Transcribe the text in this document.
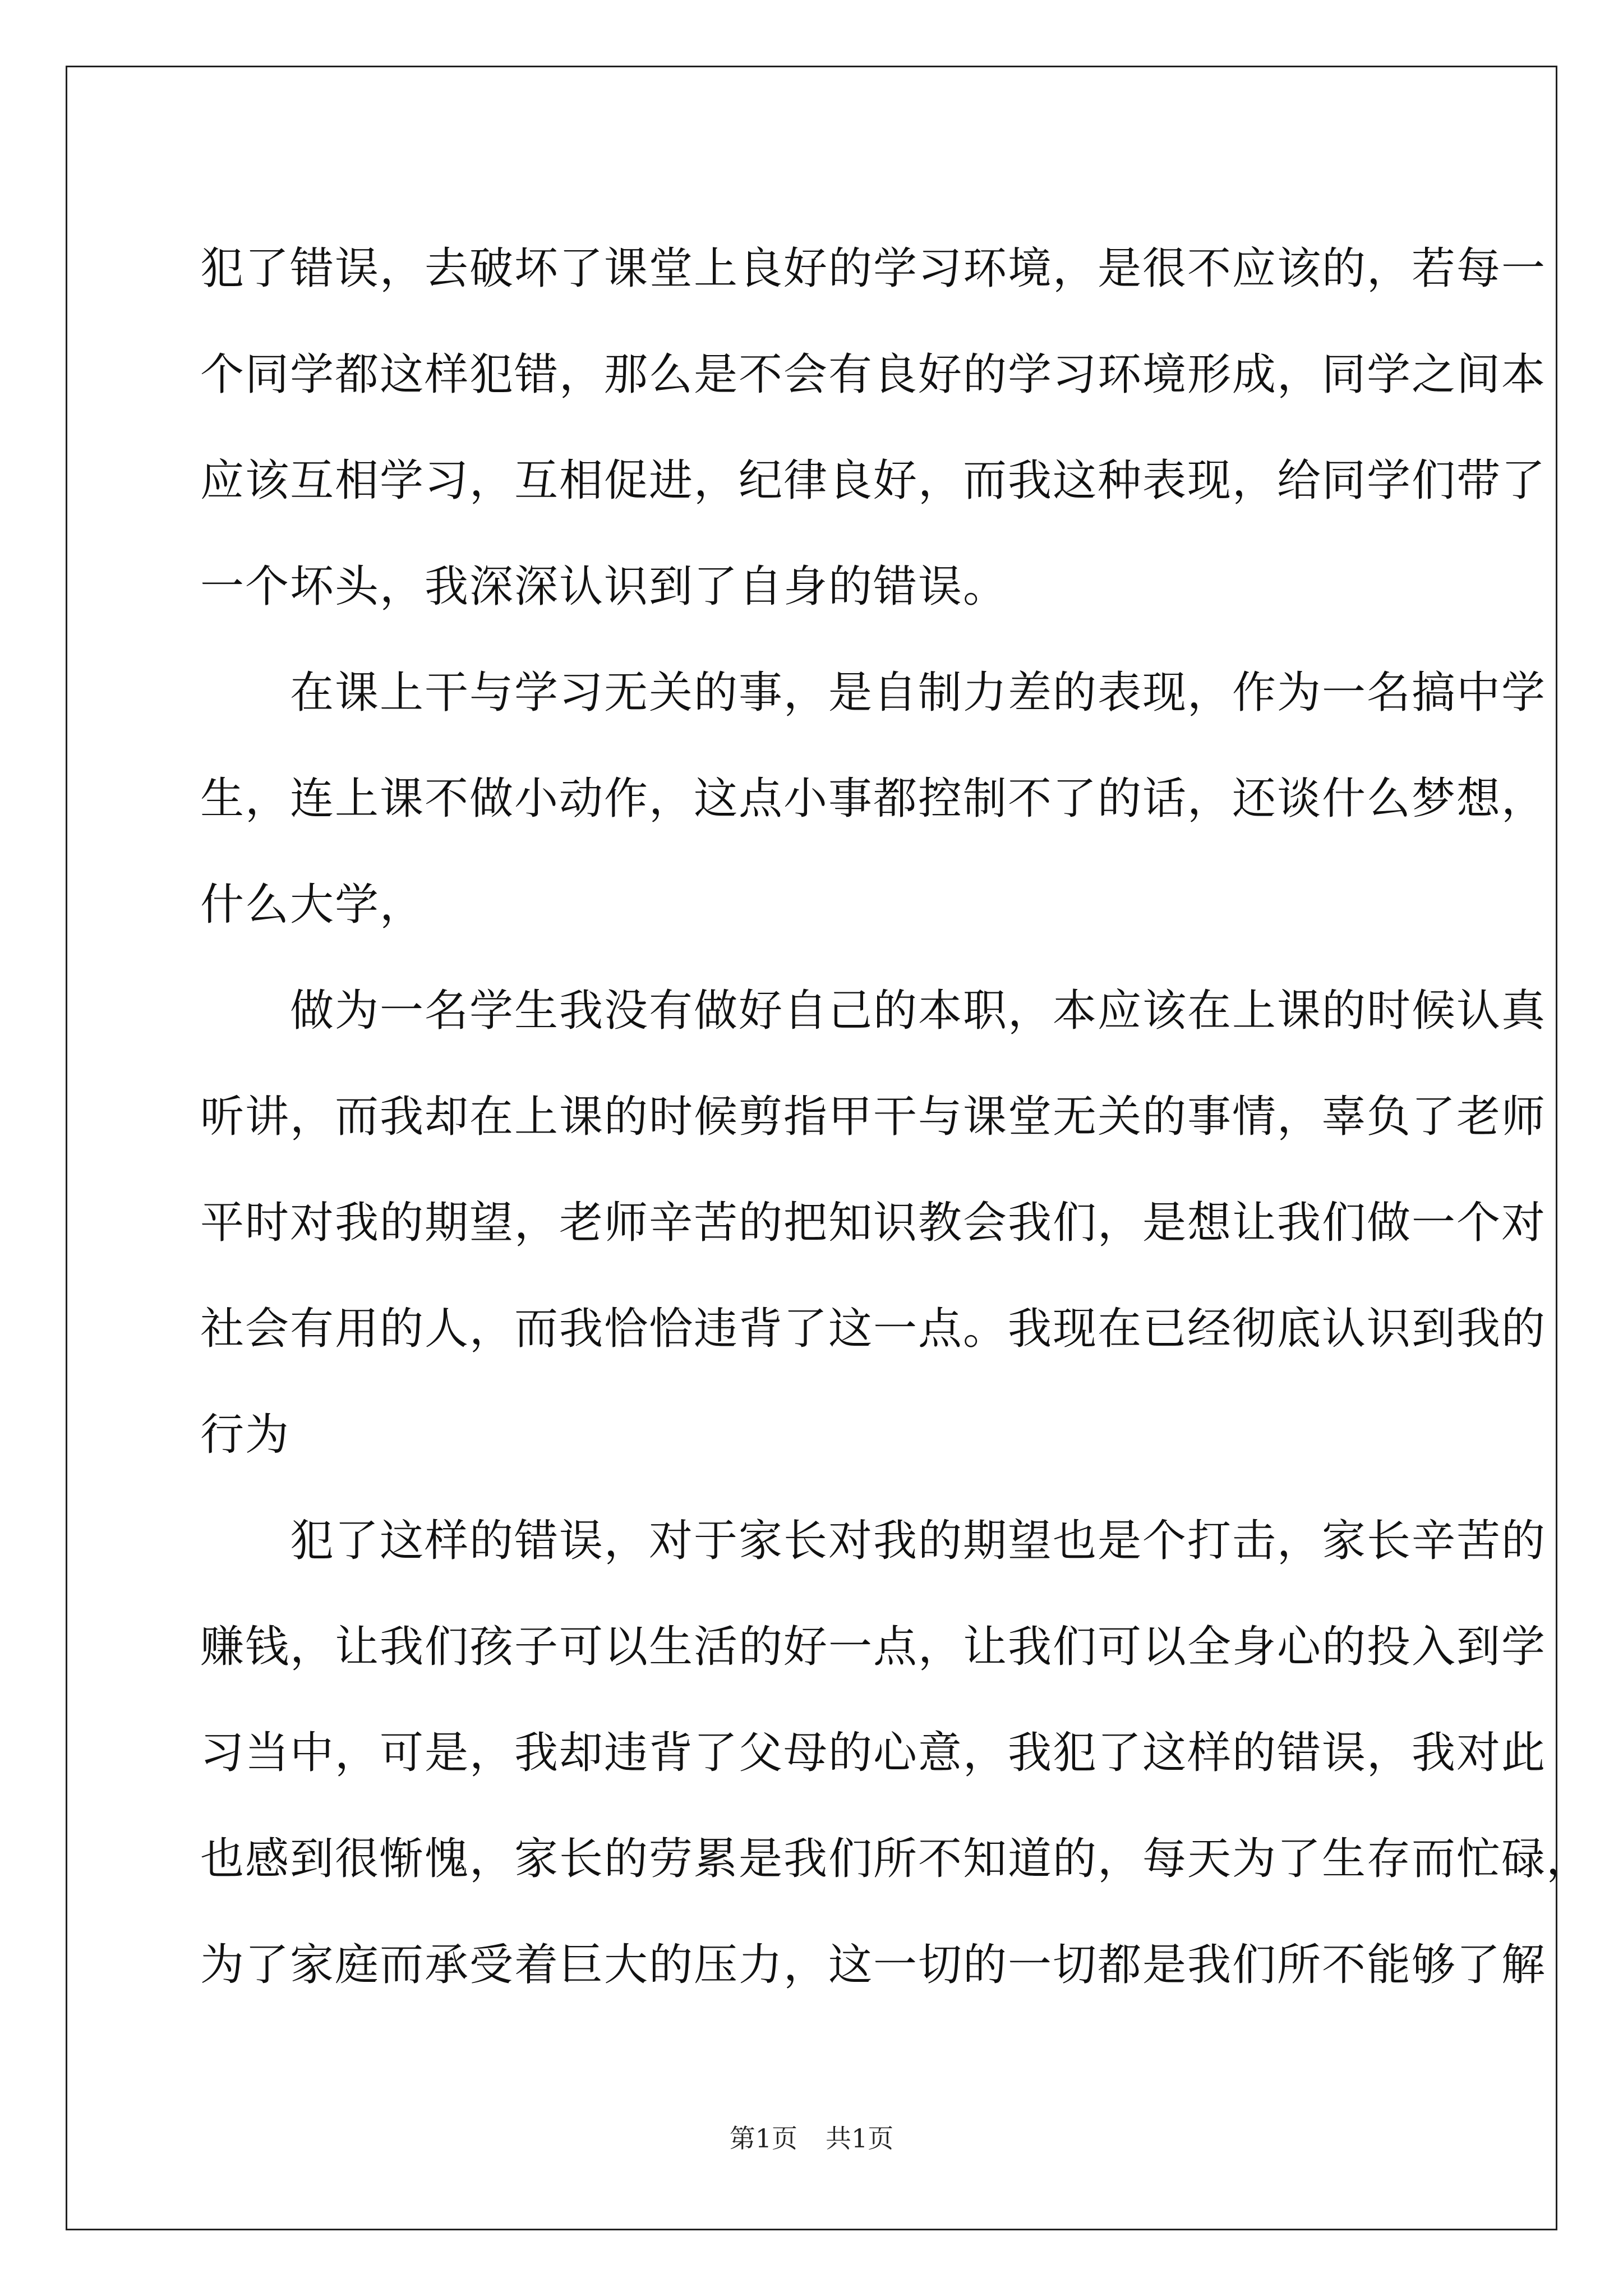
犯了错误，去破坏了课堂上良好的学习环境，是很不应该的，若每一
个同学都这样犯错，那么是不会有良好的学习环境形成，同学之间本
应该互相学习，互相促进，纪律良好，而我这种表现，给同学们带了
一个坏头，我深深认识到了自身的错误。
　　在课上干与学习无关的事，是自制力差的表现，作为一名搞中学
生，连上课不做小动作，这点小事都控制不了的话，还谈什么梦想，
什么大学，
　　做为一名学生我没有做好自己的本职，本应该在上课的时候认真
听讲，而我却在上课的时候剪指甲干与课堂无关的事情，辜负了老师
平时对我的期望，老师辛苦的把知识教会我们，是想让我们做一个对
社会有用的人，而我恰恰违背了这一点。我现在已经彻底认识到我的
行为
　　犯了这样的错误，对于家长对我的期望也是个打击，家长辛苦的
赚钱，让我们孩子可以生活的好一点，让我们可以全身心的投入到学
习当中，可是，我却违背了父母的心意，我犯了这样的错误，我对此
也感到很惭愧，家长的劳累是我们所不知道的，每天为了生存而忙碌，
为了家庭而承受着巨大的压力，这一切的一切都是我们所不能够了解
第1页 共1页
